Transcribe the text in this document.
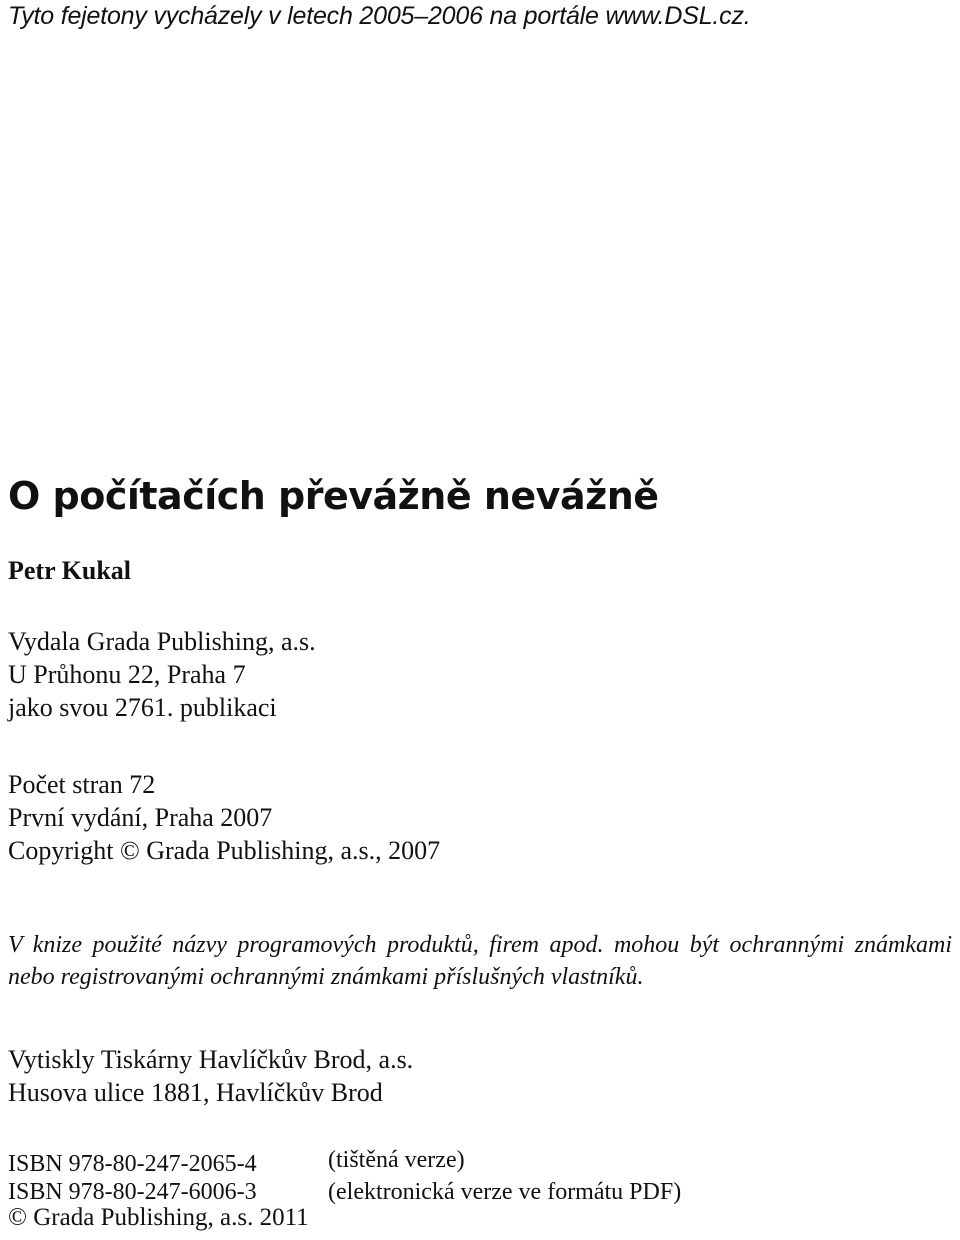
Tyto fejetony vycházely v letech 2005–2006 na portále www.DSL.cz.

O počítačích převážně nevážně

Petr Kukal

Vydala Grada Publishing, a.s.
U Průhonu 22, Praha 7
jako svou 2761. publikaci
Počet stran 72
První vydání, Praha 2007
Copyright © Grada Publishing, a.s., 2007

V knize použité názvy programových produktů, firem apod. mohou být ochrannými známkami nebo registrovanými ochrannými známkami příslušných vlastníků.

Vytiskly Tiskárny Havlíčkův Brod, a.s.
Husova ulice 1881, Havlíčkův Brod
ISBN 978-80-247-2065-4	(tištěná verze)
ISBN 978-80-247-6006-3	(elektronická verze ve formátu PDF)
© Grada Publishing, a.s. 2011
